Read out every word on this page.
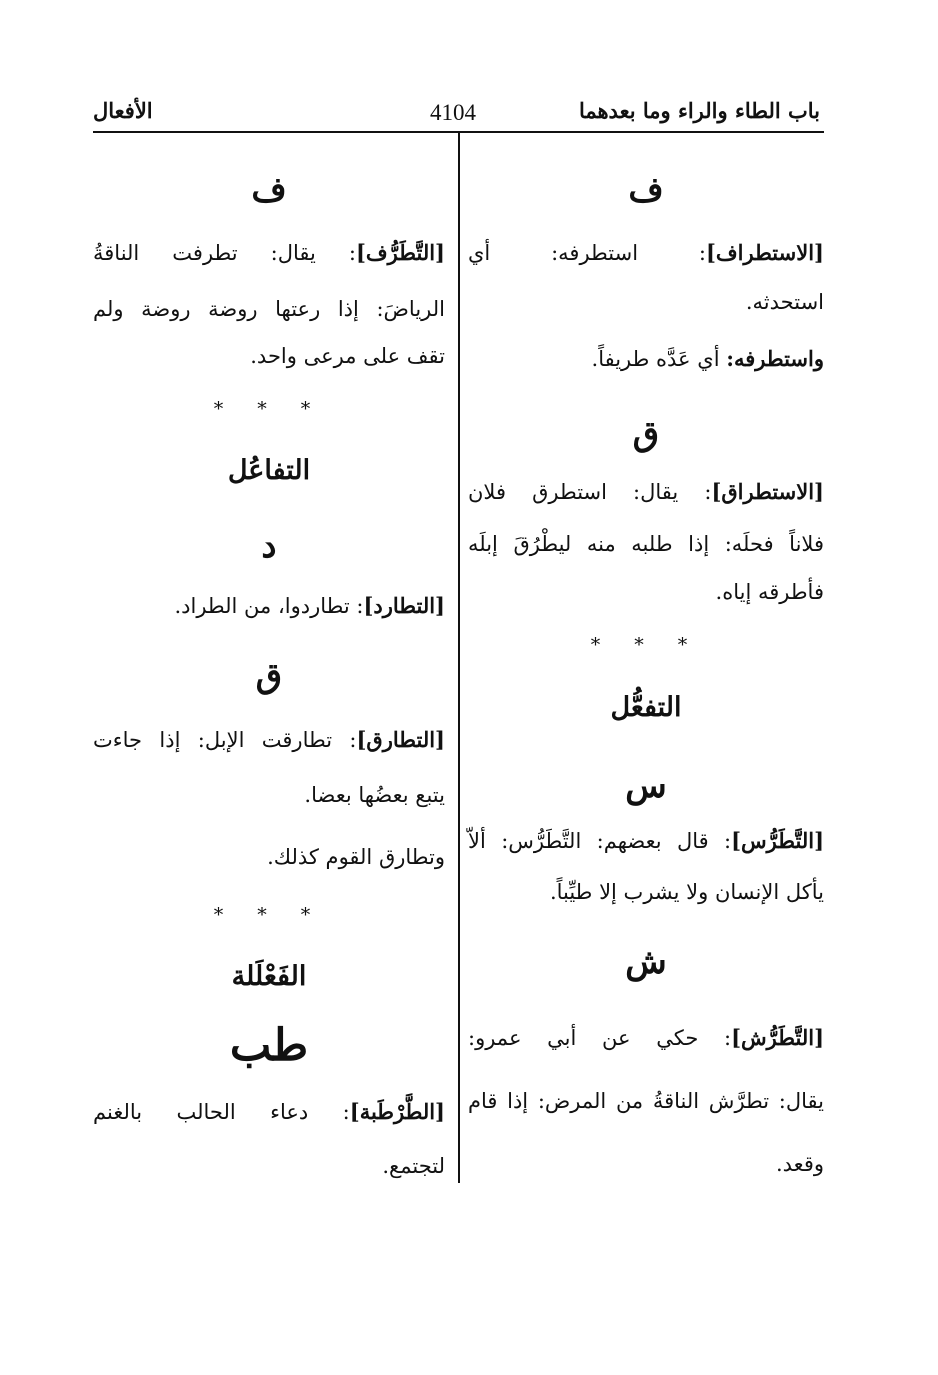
باب الطاء والراء وما بعدهما
4104
الأفعال
ف
[الاستطراف]: استطرفه: أي
استحدثه.
واستطرفه: أي عَدَّه طريفاً.
ق
[الاستطراق]: يقال: استطرق فلان
فلاناً فحلَه: إذا طلبه منه ليطْرُقَ إبلَه
فأطرقه إياه.
* * *
التفعُّل
س
[التَّطَرُّس]: قال بعضهم: التَّطَرُّس: ألاّ
يأكل الإنسان ولا يشرب إلا طيِّباً.
ش
[التَّطَرُّش]: حكي عن أبي عمرو:
يقال: تطرَّش الناقةُ من المرض: إذا قام
وقعد.
ف
[التَّطَرُّف]: يقال: تطرفت الناقةُ
الرياضَ: إذا رعتها روضة روضة ولم
تقف على مرعى واحد.
* * *
التفاعُل
د
[التطارد]: تطاردوا، من الطراد.
ق
[التطارق]: تطارقت الإبل: إذا جاءت
يتبع بعضُها بعضا.
وتطارق القوم كذلك.
* * *
الفَعْلَلة
طب
[الطَّرْطَبة]: دعاء الحالب بالغنم
لتجتمع.
